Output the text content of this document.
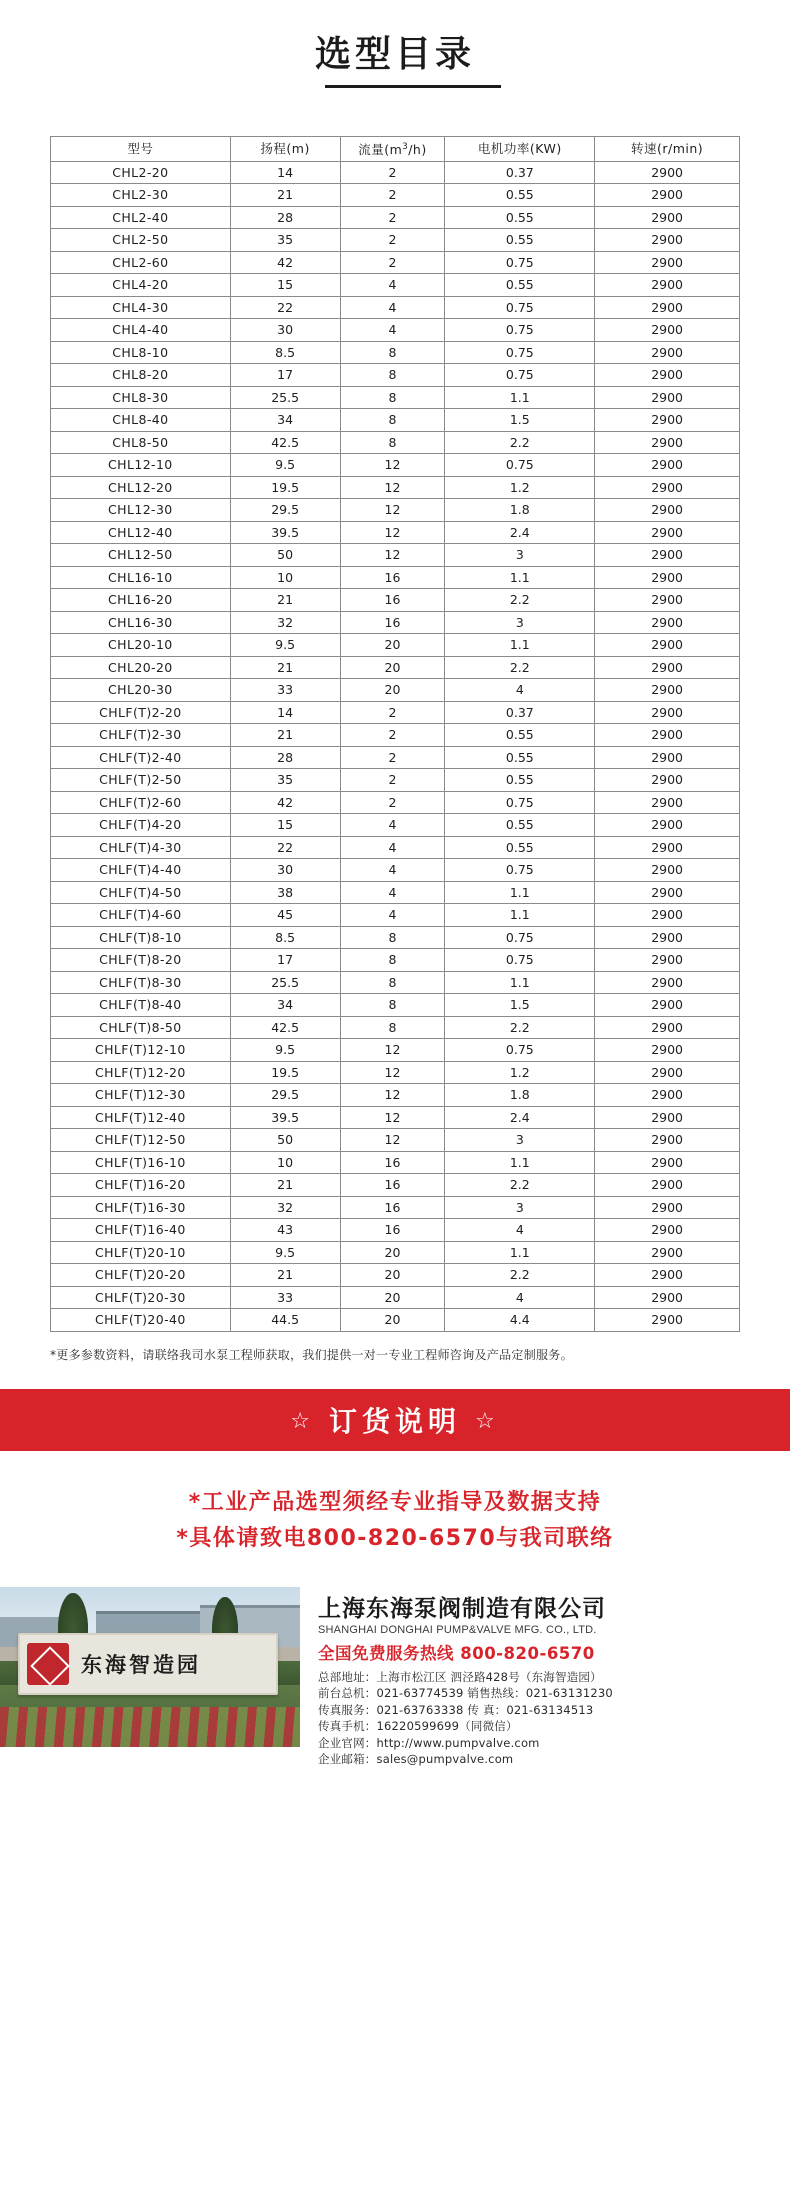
选型目录
型号	扬程(m)	流量$(m^3/h)$	电机功率(KW)	转速(r/min)
CHL2-20	14	2	0.37	2900
CHL2-30	21	2	0.55	2900
CHL2-40	28	2	0.55	2900
CHL2-50	35	2	0.55	2900
CHL2-60	42	2	0.75	2900
CHL4-20	15	4	0.55	2900
CHL4-30	22	4	0.75	2900
CHL4-40	30	4	0.75	2900
CHL8-10	8.5	8	0.75	2900
CHL8-20	17	8	0.75	2900
CHL8-30	25.5	8	1.1	2900
CHL8-40	34	8	1.5	2900
CHL8-50	42.5	8	2.2	2900
CHL12-10	9.5	12	0.75	2900
CHL12-20	19.5	12	1.2	2900
CHL12-30	29.5	12	1.8	2900
CHL12-40	39.5	12	2.4	2900
CHL12-50	50	12	3	2900
CHL16-10	10	16	1.1	2900
CHL16-20	21	16	2.2	2900
CHL16-30	32	16	3	2900
CHL20-10	9.5	20	1.1	2900
CHL20-20	21	20	2.2	2900
CHL20-30	33	20	4	2900
CHLF(T)2-20	14	2	0.37	2900
CHLF(T)2-30	21	2	0.55	2900
CHLF(T)2-40	28	2	0.55	2900
CHLF(T)2-50	35	2	0.55	2900
CHLF(T)2-60	42	2	0.75	2900
CHLF(T)4-20	15	4	0.55	2900
CHLF(T)4-30	22	4	0.55	2900
CHLF(T)4-40	30	4	0.75	2900
CHLF(T)4-50	38	4	1.1	2900
CHLF(T)4-60	45	4	1.1	2900
CHLF(T)8-10	8.5	8	0.75	2900
CHLF(T)8-20	17	8	0.75	2900
CHLF(T)8-30	25.5	8	1.1	2900
CHLF(T)8-40	34	8	1.5	2900
CHLF(T)8-50	42.5	8	2.2	2900
CHLF(T)12-10	9.5	12	0.75	2900
CHLF(T)12-20	19.5	12	1.2	2900
CHLF(T)12-30	29.5	12	1.8	2900
CHLF(T)12-40	39.5	12	2.4	2900
CHLF(T)12-50	50	12	3	2900
CHLF(T)16-10	10	16	1.1	2900
CHLF(T)16-20	21	16	2.2	2900
CHLF(T)16-30	32	16	3	2900
CHLF(T)16-40	43	16	4	2900
CHLF(T)20-10	9.5	20	1.1	2900
CHLF(T)20-20	21	20	2.2	2900
CHLF(T)20-30	33	20	4	2900
CHLF(T)20-40	44.5	20	4.4	2900
*更多参数资料，请联络我司水泵工程师获取，我们提供一对一专业工程师咨询及产品定制服务。
☆ 订货说明 ☆
*工业产品选型须经专业指导及数据支持
*具体请致电800-820-6570与我司联络
东海智造园
上海东海泵阀制造有限公司
SHANGHAI DONGHAI PUMP&VALVE MFG. CO., LTD.
全国免费服务热线 800-820-6570
总部地址：上海市松江区 泗泾路428号（东海智造园）
前台总机：021-63774539 销售热线：021-63131230
传真服务：021-63763338 传 真：021-63134513
传真手机：16220599699（同微信）
企业官网：http://www.pumpvalve.com
企业邮箱：sales@pumpvalve.com
